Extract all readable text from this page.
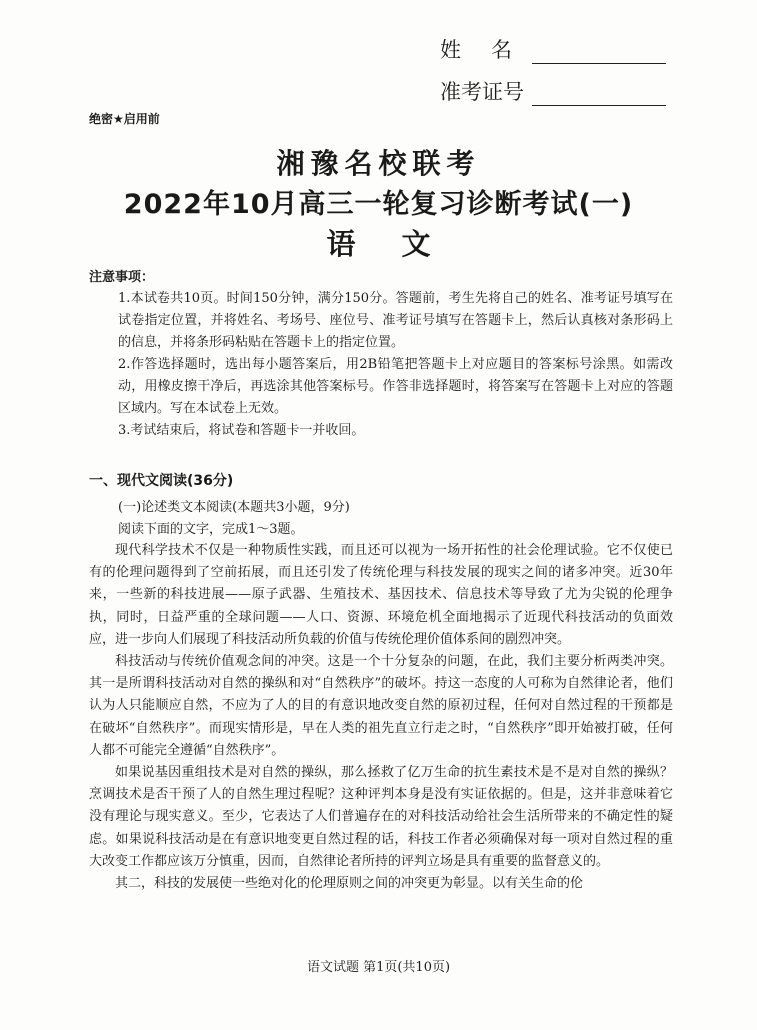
姓名
准考证号
绝密★启用前
湘豫名校联考
2022年10月高三一轮复习诊断考试(一)
语文
注意事项：
1.本试卷共10页。时间150分钟，满分150分。答题前，考生先将自己的姓名、准考证号填写在试卷指定位置，并将姓名、考场号、座位号、准考证号填写在答题卡上，然后认真核对条形码上的信息，并将条形码粘贴在答题卡上的指定位置。
2.作答选择题时，选出每小题答案后，用2B铅笔把答题卡上对应题目的答案标号涂黑。如需改动，用橡皮擦干净后，再选涂其他答案标号。作答非选择题时，将答案写在答题卡上对应的答题区域内。写在本试卷上无效。
3.考试结束后，将试卷和答题卡一并收回。
一、现代文阅读(36分)
(一)论述类文本阅读(本题共3小题，9分)
阅读下面的文字，完成1～3题。

现代科学技术不仅是一种物质性实践，而且还可以视为一场开拓性的社会伦理试验。它不仅使已有的伦理问题得到了空前拓展，而且还引发了传统伦理与科技发展的现实之间的诸多冲突。近30年来，一些新的科技进展——原子武器、生殖技术、基因技术、信息技术等导致了尤为尖锐的伦理争执，同时，日益严重的全球问题——人口、资源、环境危机全面地揭示了近现代科技活动的负面效应，进一步向人们展现了科技活动所负载的价值与传统伦理价值体系间的剧烈冲突。

科技活动与传统价值观念间的冲突。这是一个十分复杂的问题，在此，我们主要分析两类冲突。其一是所谓科技活动对自然的操纵和对“自然秩序”的破坏。持这一态度的人可称为自然律论者，他们认为人只能顺应自然，不应为了人的目的有意识地改变自然的原初过程，任何对自然过程的干预都是在破坏“自然秩序”。而现实情形是，早在人类的祖先直立行走之时，“自然秩序”即开始被打破，任何人都不可能完全遵循“自然秩序”。

如果说基因重组技术是对自然的操纵，那么拯救了亿万生命的抗生素技术是不是对自然的操纵？烹调技术是否干预了人的自然生理过程呢？这种评判本身是没有实证依据的。但是，这并非意味着它没有理论与现实意义。至少，它表达了人们普遍存在的对科技活动给社会生活所带来的不确定性的疑虑。如果说科技活动是在有意识地变更自然过程的话，科技工作者必须确保对每一项对自然过程的重大改变工作都应该万分慎重，因而，自然律论者所持的评判立场是具有重要的监督意义的。

其二，科技的发展使一些绝对化的伦理原则之间的冲突更为彰显。以有关生命的伦

语文试题 第1页(共10页)
